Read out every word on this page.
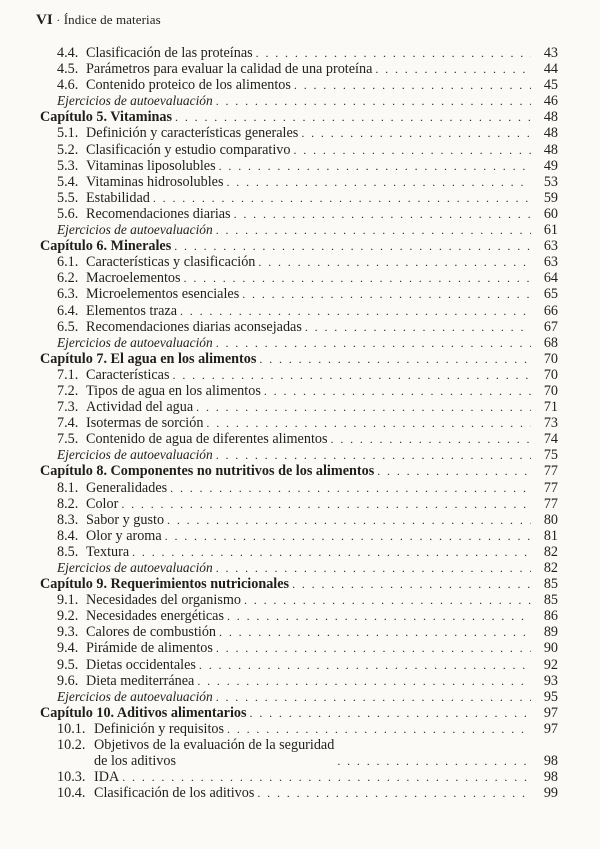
VI · Índice de materias
4.4. Clasificación de las proteínas . . .	43
4.5. Parámetros para evaluar la calidad de una proteína . . .	44
4.6. Contenido proteico de los alimentos . . .	45
Ejercicios de autoevaluación . . .	46
Capítulo 5. Vitaminas . . .	48
5.1. Definición y características generales . . .	48
5.2. Clasificación y estudio comparativo . . .	48
5.3. Vitaminas liposolubles . . .	49
5.4. Vitaminas hidrosolubles . . .	53
5.5. Estabilidad . . .	59
5.6. Recomendaciones diarias . . .	60
Ejercicios de autoevaluación . . .	61
Capítulo 6. Minerales . . .	63
6.1. Características y clasificación . . .	63
6.2. Macroelementos . . .	64
6.3. Microelementos esenciales . . .	65
6.4. Elementos traza . . .	66
6.5. Recomendaciones diarias aconsejadas . . .	67
Ejercicios de autoevaluación . . .	68
Capítulo 7. El agua en los alimentos . . .	70
7.1. Características . . .	70
7.2. Tipos de agua en los alimentos . . .	70
7.3. Actividad del agua . . .	71
7.4. Isotermas de sorción . . .	73
7.5. Contenido de agua de diferentes alimentos . . .	74
Ejercicios de autoevaluación . . .	75
Capítulo 8. Componentes no nutritivos de los alimentos . . .	77
8.1. Generalidades . . .	77
8.2. Color . . .	77
8.3. Sabor y gusto . . .	80
8.4. Olor y aroma . . .	81
8.5. Textura . . .	82
Ejercicios de autoevaluación . . .	82
Capítulo 9. Requerimientos nutricionales . . .	85
9.1. Necesidades del organismo . . .	85
9.2. Necesidades energéticas . . .	86
9.3. Calores de combustión . . .	89
9.4. Pirámide de alimentos . . .	90
9.5. Dietas occidentales . . .	92
9.6. Dieta mediterránea . . .	93
Ejercicios de autoevaluación . . .	95
Capítulo 10. Aditivos alimentarios . . .	97
10.1. Definición y requisitos . . .	97
10.2. Objetivos de la evaluación de la seguridad
de los aditivos . . .	98
10.3. IDA . . .	98
10.4. Clasificación de los aditivos . . .	99
